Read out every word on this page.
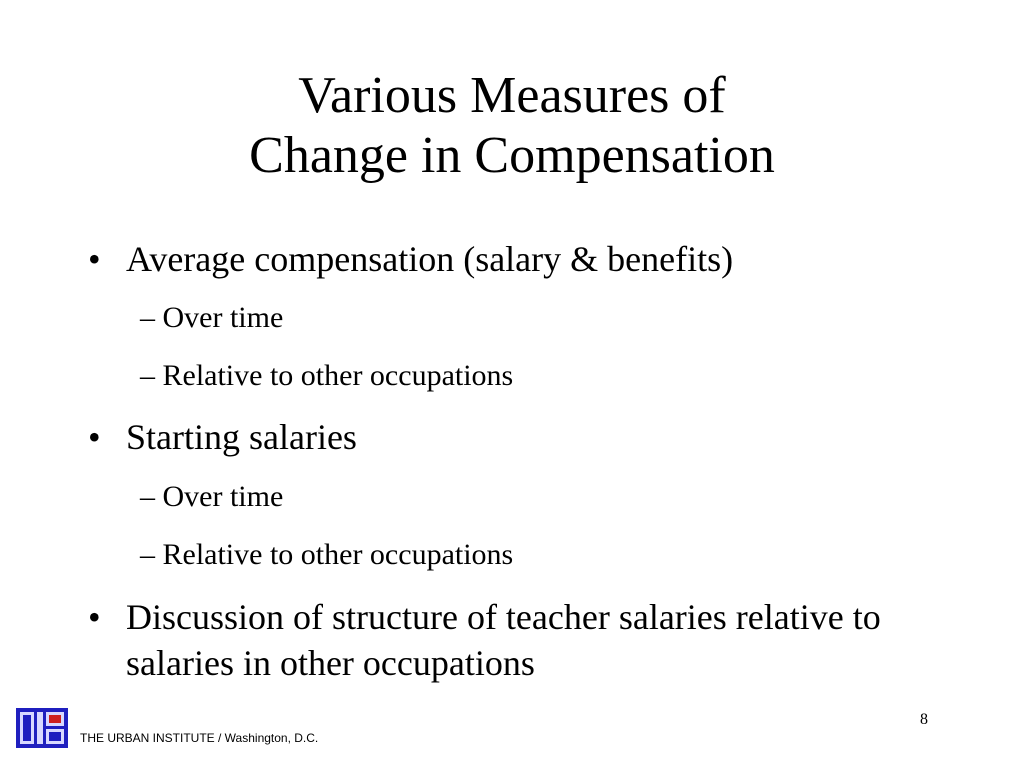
Various Measures of
Change in Compensation
• Average compensation (salary & benefits)
– Over time
– Relative to other occupations
• Starting salaries
– Over time
– Relative to other occupations
• Discussion of structure of teacher salaries relative to salaries in other occupations
8
THE URBAN INSTITUTE / Washington, D.C.
